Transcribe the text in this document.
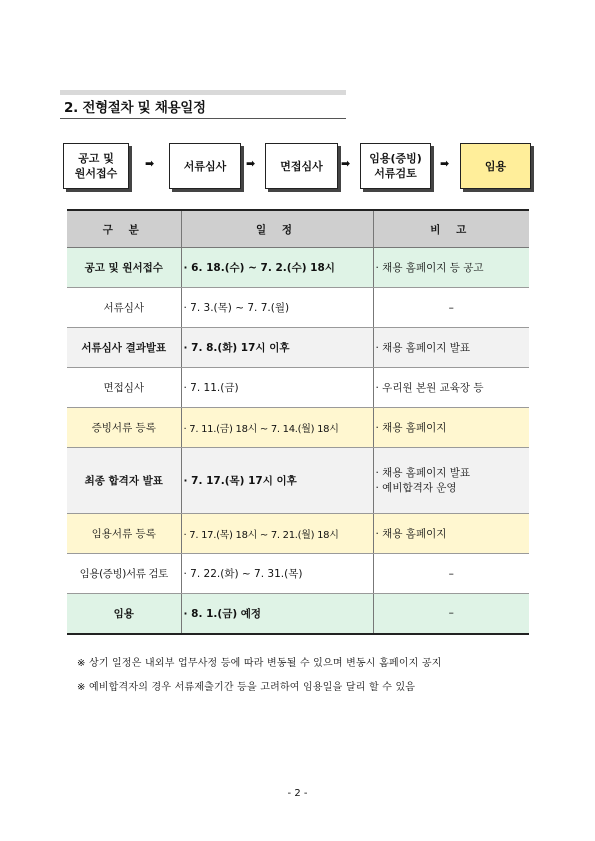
2. 전형절차 및 채용일정
공고 및
원서접수
➡	서류심사	➡	면접심사	➡	임용(증빙)
서류검토
➡	임용
구 분	일 정	비 고
공고 및 원서접수	· 6. 18.(수) ~ 7. 2.(수) 18시	· 채용 홈페이지 등 공고
서류심사	· 7. 3.(목) ~ 7. 7.(월)	–
서류심사 결과발표	· 7. 8.(화) 17시 이후	· 채용 홈페이지 발표
면접심사	· 7. 11.(금)	· 우리원 본원 교육장 등
증빙서류 등록	· 7. 11.(금) 18시 ~ 7. 14.(월) 18시	· 채용 홈페이지
최종 합격자 발표	· 7. 17.(목) 17시 이후	· 채용 홈페이지 발표
· 예비합격자 운영

임용서류 등록	· 7. 17.(목) 18시 ~ 7. 21.(월) 18시	· 채용 홈페이지
임용(증빙)서류 검토	· 7. 22.(화) ~ 7. 31.(목)	–
임용	· 8. 1.(금) 예정	–
※ 상기 일정은 내외부 업무사정 등에 따라 변동될 수 있으며 변동시 홈페이지 공지
※ 예비합격자의 경우 서류제출기간 등을 고려하여 임용일을 달리 할 수 있음
- 2 -
